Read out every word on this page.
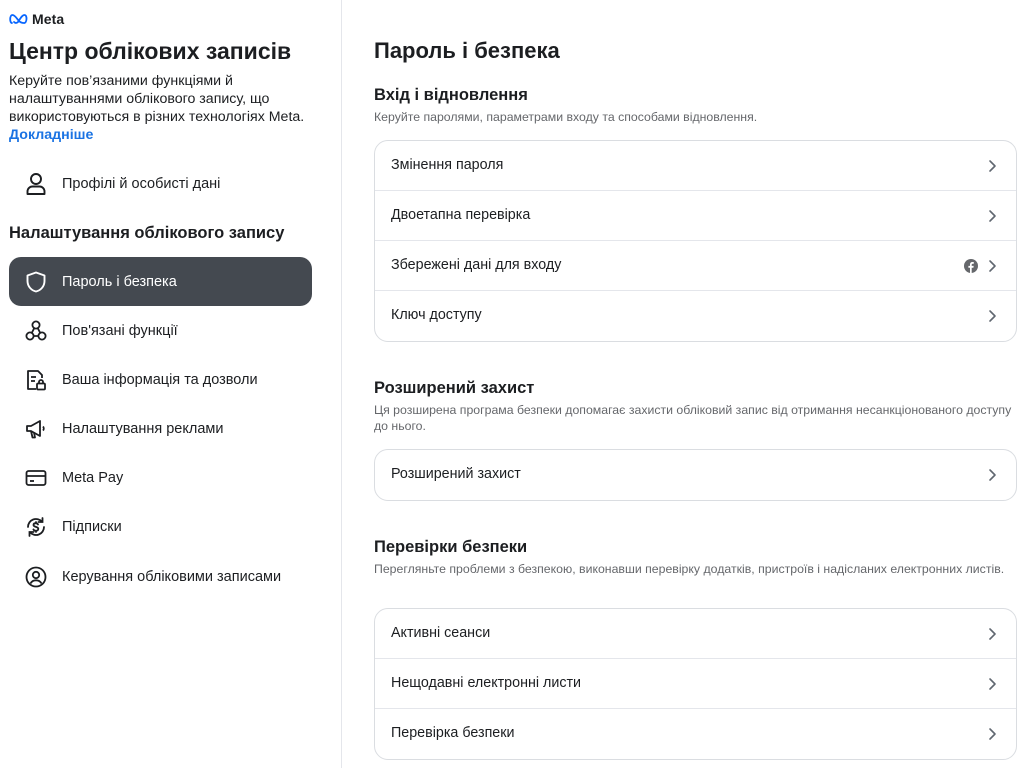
Meta
Центр облікових записів
Керуйте пов’язаними функціями й налаштуваннями облікового запису, що використовуються в різних технологіях Meta. Докладніше
Профілі й особисті дані
Налаштування облікового запису
Пароль і безпека
Пов'язані функції
Ваша інформація та дозволи
Налаштування реклами
Meta Pay
Підписки
Керування обліковими записами
Пароль і безпека
Вхід і відновлення
Керуйте паролями, параметрами входу та способами відновлення.
Змінення пароля
Двоетапна перевірка
Збережені дані для входу
Ключ доступу
Розширений захист
Ця розширена програма безпеки допомагає захисти обліковий запис від отримання несанкціонованого доступу до нього.
Розширений захист
Перевірки безпеки
Перегляньте проблеми з безпекою, виконавши перевірку додатків, пристроїв і надісланих електронних листів.
Активні сеанси
Нещодавні електронні листи
Перевірка безпеки
